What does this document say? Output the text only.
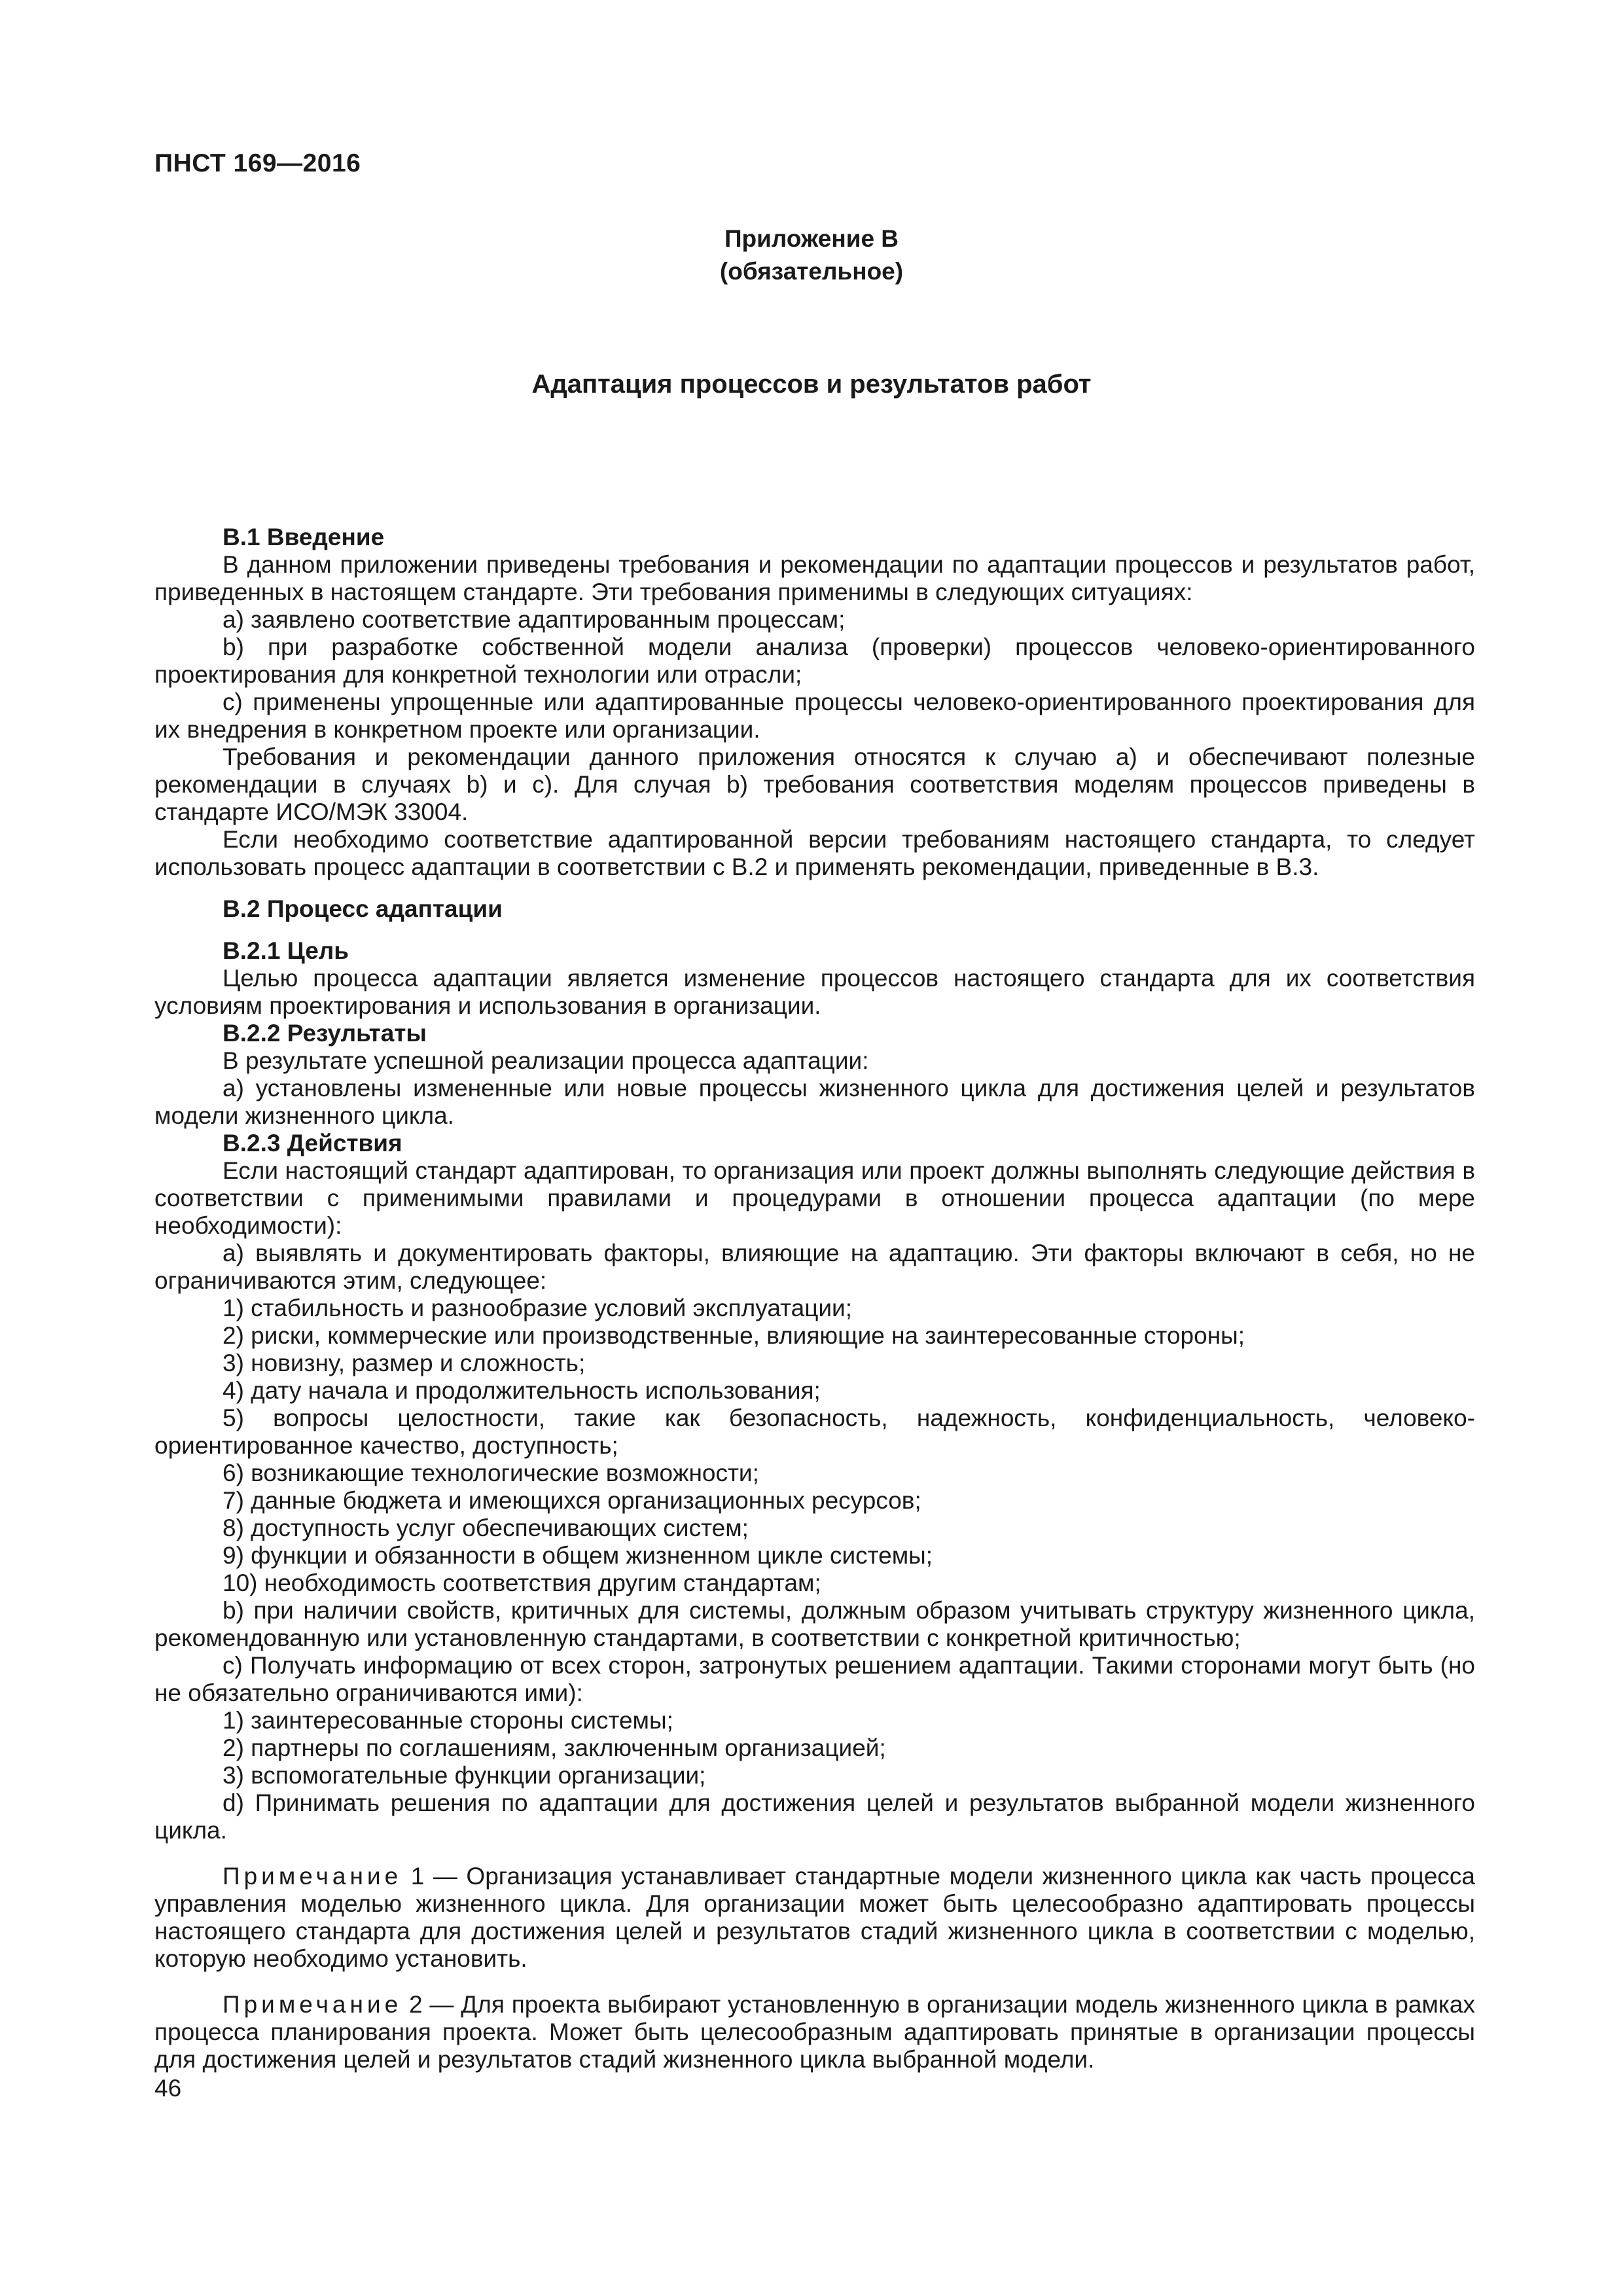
ПНСТ 169—2016
Приложение В
(обязательное)
Адаптация процессов и результатов работ

В.1 Введение

В данном приложении приведены требования и рекомендации по адаптации процессов и результатов работ, приведенных в настоящем стандарте. Эти требования применимы в следующих ситуациях:

a) заявлено соответствие адаптированным процессам;

b) при разработке собственной модели анализа (проверки) процессов человеко-ориентированного проектирования для конкретной технологии или отрасли;

c) применены упрощенные или адаптированные процессы человеко-ориентированного проектирования для их внедрения в конкретном проекте или организации.

Требования и рекомендации данного приложения относятся к случаю a) и обеспечивают полезные рекомендации в случаях b) и c). Для случая b) требования соответствия моделям процессов приведены в стандарте ИСО/МЭК 33004.

Если необходимо соответствие адаптированной версии требованиям настоящего стандарта, то следует использовать процесс адаптации в соответствии с В.2 и применять рекомендации, приведенные в В.3.

В.2 Процесс адаптации

В.2.1 Цель

Целью процесса адаптации является изменение процессов настоящего стандарта для их соответствия условиям проектирования и использования в организации.

В.2.2 Результаты

В результате успешной реализации процесса адаптации:

a) установлены измененные или новые процессы жизненного цикла для достижения целей и результатов модели жизненного цикла.

В.2.3 Действия

Если настоящий стандарт адаптирован, то организация или проект должны выполнять следующие действия в соответствии с применимыми правилами и процедурами в отношении процесса адаптации (по мере необходимости):

a) выявлять и документировать факторы, влияющие на адаптацию. Эти факторы включают в себя, но не ограничиваются этим, следующее:

1) стабильность и разнообразие условий эксплуатации;

2) риски, коммерческие или производственные, влияющие на заинтересованные стороны;

3) новизну, размер и сложность;

4) дату начала и продолжительность использования;

5) вопросы целостности, такие как безопасность, надежность, конфиденциальность, человеко-ориентированное качество, доступность;

6) возникающие технологические возможности;

7) данные бюджета и имеющихся организационных ресурсов;

8) доступность услуг обеспечивающих систем;

9) функции и обязанности в общем жизненном цикле системы;

10) необходимость соответствия другим стандартам;

b) при наличии свойств, критичных для системы, должным образом учитывать структуру жизненного цикла, рекомендованную или установленную стандартами, в соответствии с конкретной критичностью;

c) Получать информацию от всех сторон, затронутых решением адаптации. Такими сторонами могут быть (но не обязательно ограничиваются ими):

1) заинтересованные стороны системы;

2) партнеры по соглашениям, заключенным организацией;

3) вспомогательные функции организации;

d) Принимать решения по адаптации для достижения целей и результатов выбранной модели жизненного цикла.

Примечание 1 — Организация устанавливает стандартные модели жизненного цикла как часть процесса управления моделью жизненного цикла. Для организации может быть целесообразно адаптировать процессы настоящего стандарта для достижения целей и результатов стадий жизненного цикла в соответствии с моделью, которую необходимо установить.

Примечание 2 — Для проекта выбирают установленную в организации модель жизненного цикла в рамках процесса планирования проекта. Может быть целесообразным адаптировать принятые в организации процессы для достижения целей и результатов стадий жизненного цикла выбранной модели.

46
